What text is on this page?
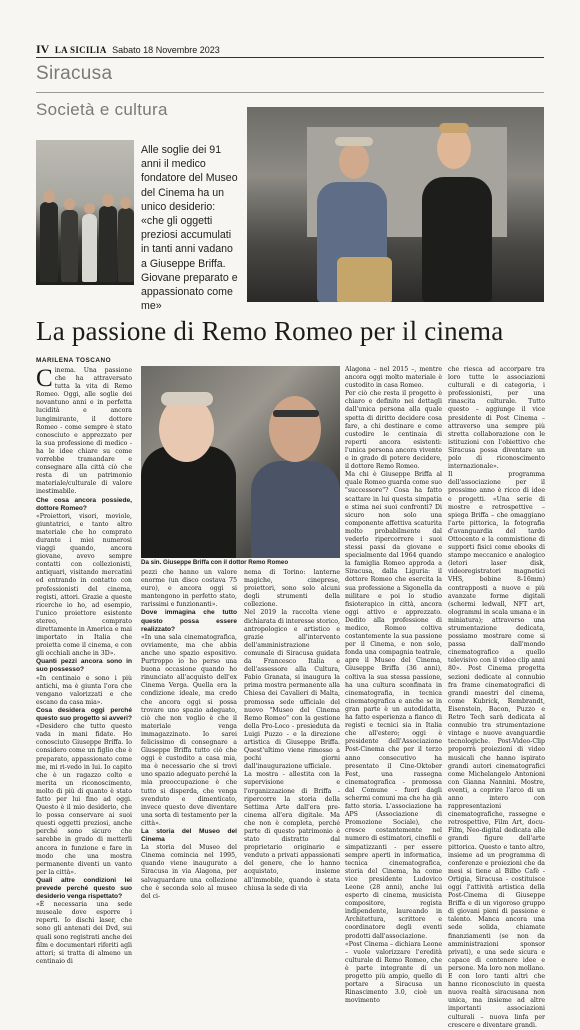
IV LA SICILIA Sabato 18 Novembre 2023
Siracusa
Società e cultura
Alle soglie dei 91 anni il medico fondatore del Museo del Cinema ha un unico desiderio: «che gli oggetti preziosi accumulati in tanti anni vadano a Giuseppe Briffa. Giovane preparato e appassionato come me»
La passione di Remo Romeo per il cinema
MARILENA TOSCANO
Da sin. Giuseppe Briffa con il dottor Remo Romeo

Cinema. Una passione che ha attraversato tutta la vita di Remo Romeo. Oggi, alle soglie dei novantuno anni e in perfetta lucidità e ancora lungimirante, il dottore Romeo - come sempre è stato conosciuto e apprezzato per la sua professione di medico - ha le idee chiare su come vorrebbe tramandare e consegnare alla città ciò che resta di un patrimonio materiale/culturale di valore inestimabile.

Che cosa ancora possiede, dottore Romeo?

«Proiettori, visori, moviole, giuntatrici, e tanto altro materiale che ho comprato durante i miei numerosi viaggi quando, ancora giovane, avevo sempre contatti con collezionisti, antiquari, visitando mercatini ed entrando in contatto con professionisti del cinema, registi, attori. Grazie a queste ricerche io ho, ad esempio, l'unico proiettore esistente stereo, comprato direttamente in America e mai importato in Italia che proietta come il cinema, e con gli occhiali anche in 3D».

Quanti pezzi ancora sono in suo possesso?

«In centinaio e sono i più antichi, ma è giunta l'ora che vengano valorizzati e che escano da casa mia».

Cosa desidera oggi perché questo suo progetto si avveri?

«Desidero che tutto questo vada in mani fidate. Ho conosciuto Giuseppe Briffa. Io considero come un figlio che è preparato, appassionato come me, mi ri-vedo in lui. Io capito che è un ragazzo colto e merita un riconoscimento, molto di più di quanto è stato fatto per lui fino ad oggi. Questo è il mio desiderio, che lo possa conservare ai suoi questi oggetti preziosi, anche perché sono sicuro che sarebbe in grado di metterli ancora in funzione e fare in modo che una mostra permanente diventi un vanto per la città».

Quali altre condizioni lei prevede perché questo suo desiderio venga rispettato?

«È necessaria una sede museale dove esporre i reperti. Io dischi laser, che sono gli antenati dei Dvd, sui quali sono registrati anche dei film e documentari riferiti agli attori; si tratta di almeno un centinaio di

pezzi che hanno un valore enorme (un disco costava 75 euro), e ancora oggi si mantengono in perfetto stato, rarissimi e funzionanti».

Dove immagina che tutto questo possa essere realizzato?

«In una sala cinematografica, ovviamente, ma che abbia anche uno spazio espositivo. Purtroppo io ho perso una buona occasione quando ho rinunciato all'acquisto dell'ex Cinema Verga. Quella era la condizione ideale, ma credo che ancora oggi si possa trovare uno spazio adeguato, ciò che non voglio è che il materiale venga immagazzinato. Io sarei felicissimo di consegnare a Giuseppe Briffa tutto ciò che oggi è custodito a casa mia, ma è necessario che si trovi uno spazio adeguato perché la mia preoccupazione è che tutto si disperda, che venga svenduto e dimenticato, invece questo deve diventare una sorta di testamento per la città».

La storia del Museo del Cinema

La storia del Museo del Cinema comincia nel 1995, quando viene inaugurato a Siracusa in via Alagona, per salvaguardare una collezione che è seconda solo al museo del ci-

nema di Torino: lanterne magiche, cineprese, proiettori, sono solo alcuni degli strumenti della collezione.

Nel 2019 la raccolta viene dichiarata di interesse storico, antropologico e artistico e grazie all'intervento dell'amministrazione comunale di Siracusa guidata da Francesco Italia e dell'assessore alla Cultura, Fabio Granata, si inaugura la prima mostra permanente alla Chiesa dei Cavalieri di Malta, promossa sede ufficiale del nuovo "Museo del Cinema Remo Romeo" con la gestione della Pro-Loco - presieduta da Luigi Puzzo - e la direzione artistica di Giuseppe Briffa. Quest'ultimo viene rimosso a pochi giorni dall'inaugurazione ufficiale.

La mostra - allestita con la supervisione e l'organizzazione di Briffa - ripercorre la storia della Settima Arte dall'era pre-cinema all'era digitale. Ma che non è completa, perché parte di questo patrimonio è stato distratto dal proprietario originario e venduto a privati appassionati del genere, che lo hanno acquistato, insieme all'immobile, quando è stata chiusa la sede di via

Alagona – nel 2015 –, mentre ancora oggi molto materiale è custodito in casa Romeo.

Per ciò che resta il progetto è chiaro e definito nei dettagli dall'unica persona alla quale spetta di diritto decidere cosa fare, a chi destinare e come custodire le centinaia di reperti ancora esistenti: l'unica persona ancora vivente e in grado di potere decidere, il dottore Remo Romeo.

Ma chi è Giuseppe Briffa al quale Romeo guarda come suo "successore"? Cosa ha fatto scattare in lui questa simpatia e stima nei suoi confronti? Di sicuro non solo una componente affettiva scaturita molto probabilmente dal vederlo ripercorrere i suoi stessi passi da giovane e specialmente dal 1964 quando la famiglia Romeo approda a Siracusa, dalla Liguria: il dottore Romeo che esercita la sua professione a Sigonella da militare e poi lo studio fisioterapico in città, ancora oggi attivo e apprezzato. Dedito alla professione di medico, Romeo coltiva costantemente la sua passione per il Cinema, e non solo, fonda una compagnia teatrale, apre il Museo del Cinema, Giuseppe Briffa (36 anni), coltiva la sua stessa passione, ha una cultura sconfinata in cinematografia, in tecnica cinematografica e anche se in gran parte è un autodidatta, ha fatto esperienza a fianco di registi e tecnici sia in Italia che all'estero; oggi è presidente dell'Associazione Post-Cinema che per il terzo anno consecutivo ha presentato il Cine-Oktober Fest, una rassegna cinematografica - promossa dal Comune - fuori dagli schermi comuni ma che ha già fatto storia. L'associazione ha APS (Associazione di Promozione Sociale), che cresce costantemente nel numero di estimatori, cinefili e simpatizzanti - per essere sempre aperti in informatica, tecnica cinematografica, storia del Cinema, ha come vice presidente Ludovico Leone (28 anni), anche lui esperto di cinema, musicista compositore, regista indipendente, laureando in Architettura, scrittore e coordinatore degli eventi prodotti dall'associazione.

«Post Cinema – dichiara Leone – vuole valorizzare l'eredità culturale di Remo Romeo, che è parte integrante di un progetto più ampio, quello di portare a Siracusa un Rinascimento 3.0, cioè un movimento

che riesca ad accorpare tra loro tutte le associazioni culturali e di categoria, i professionisti, per una rinascita culturale. Tutto questo – aggiunge il vice presidente di Post Cinema – attraverso una sempre più stretta collaborazione con le istituzioni con l'obiettivo che Siracusa possa diventare un polo di riconoscimento internazionale».

Il programma dell'associazione per il prossimo anno è ricco di idee e progetti. «Una serie di mostre e retrospettive – spiega Briffa – che omaggiano l'arte pittorica, la fotografia d'avanguardia del tardo Ottocento e la commistione di supporti fisici come ebooks di stampo meccanico e analogico (letori laser disk, videoregistratori magnetici VHS, bobine 8-16mm) contrapposti a nuove e più avanzate forme digitali (schermi ledwall, NFT art, ologrammi in scala umana e in miniatura); attraverso una strumentazione dedicata, possiamo mostrare come si passa dall'mondo cinematografico a quello televisivo con il video clip anni 80». Post Cinema progetta sezioni dedicate al connubio fra frame cinematografici di grandi maestri del cinema, come Kubrick, Rembrandt, Eisenstein, Bacon, Puzzo e Retro Tech sarà dedicata al connubio tra strumentazione vintage e nuove avanguardie tecnologiche. Post-Video-Clip proporrà proiezioni di video musicali che hanno ispirato grandi autori cinematografici come Michelangelo Antonioni con Gianna Nannini. Mostre, eventi, a coprire l'arco di un anno intero con rappresentazioni cinematografiche, rassegne e retrospettive, Film Art, docu-Film, Neo-digital dedicata alle grandi figure dell'arte pittorica. Questo e tanto altro, insieme ad un programma di conferenze e proiezioni che da mesi si tiene al Bilbo Cafè - Ortigia, Siracusa - costituisce oggi l'attività artistica della Post-Cinema di Giuseppe Briffa e di un vigoroso gruppo di giovani pieni di passione e talento. Manca ancora una sede solida, chiamate finanziamenti (se non da amministrazioni sponsor privati), e una sede sicura e capace di contenere idee e persone. Ma loro non mollano. E con loro tanti altri che hanno riconosciuto in questa nuova realtà siracusana non unica, ma insieme ad altre importanti associazioni culturali – nuova linfa per crescere e diventare grandi.
